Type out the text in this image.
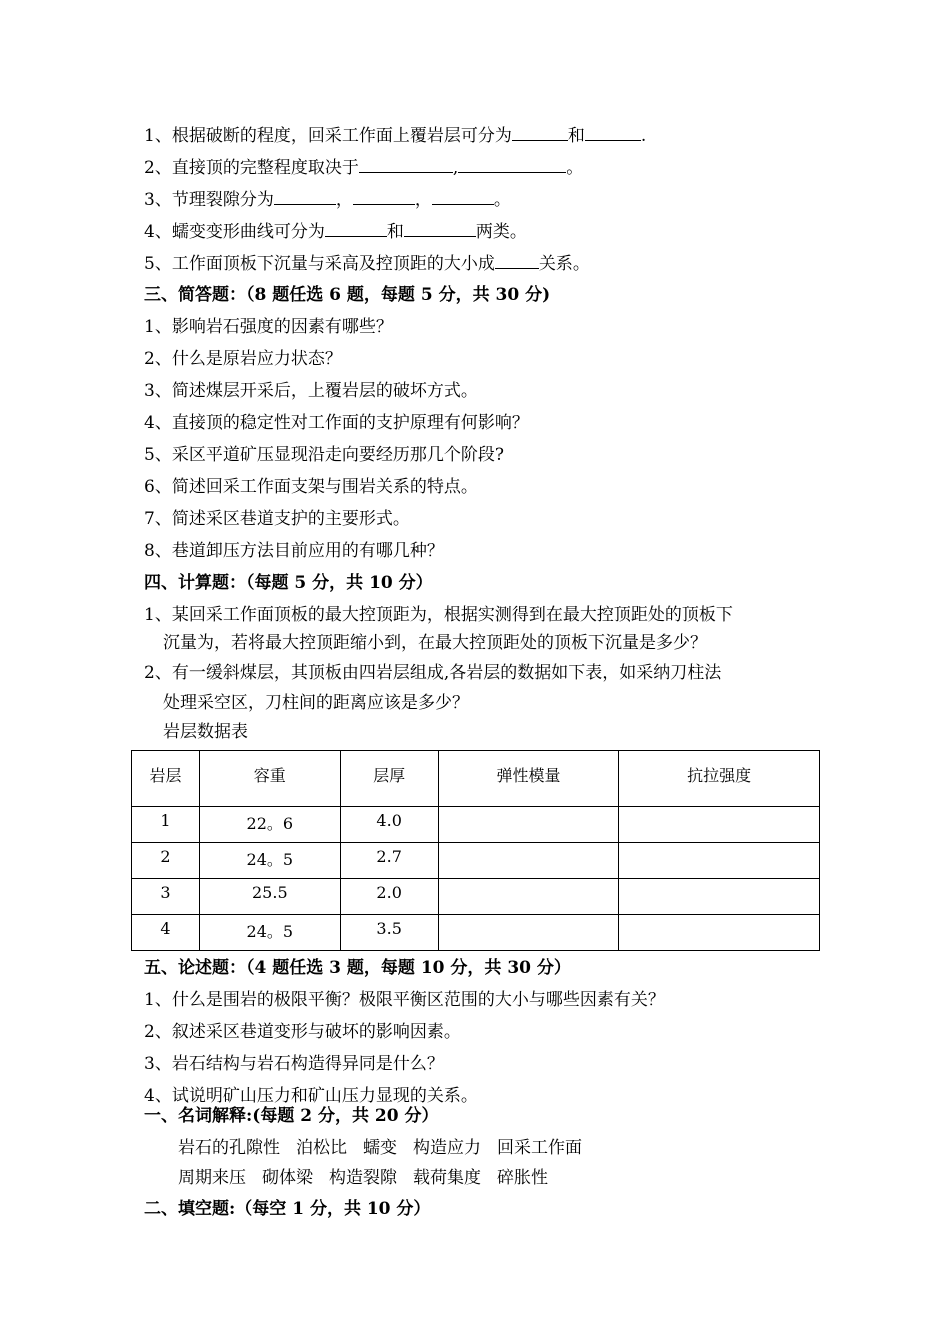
1、根据破断的程度，回采工作面上覆岩层可分为	和	.
2、直接顶的完整程度取决于	,	。
3、节理裂隙分为	，	，	。
4、蠕变变形曲线可分为	和	两类。
5、工作面顶板下沉量与采高及控顶距的大小成	关系。
三、简答题：（8 题任选 6 题，每题 5 分，共 30 分)
1、影响岩石强度的因素有哪些？
2、什么是原岩应力状态？
3、简述煤层开采后，上覆岩层的破坏方式。
4、直接顶的稳定性对工作面的支护原理有何影响？
5、采区平道矿压显现沿走向要经历那几个阶段?
6、简述回采工作面支架与围岩关系的特点。
7、简述采区巷道支护的主要形式。
8、巷道卸压方法目前应用的有哪几种？
四、计算题：（每题 5 分，共 10 分）
1、某回采工作面顶板的最大控顶距为，根据实测得到在最大控顶距处的顶板下
沉量为，若将最大控顶距缩小到，在最大控顶距处的顶板下沉量是多少？
2、有一缓斜煤层，其顶板由四岩层组成,各岩层的数据如下表，如采纳刀柱法
处理采空区，刀柱间的距离应该是多少？
岩层数据表
岩层	容重	层厚	弹性模量	抗拉强度
1	22。6	4.0		
2	24。5	2.7		
3	25.5	2.0		
4	24。5	3.5		
五、论述题：（4 题任选 3 题，每题 10 分，共 30 分）
1、什么是围岩的极限平衡？极限平衡区范围的大小与哪些因素有关？
2、叙述采区巷道变形与破坏的影响因素。
3、岩石结构与岩石构造得异同是什么？
4、试说明矿山压力和矿山压力显现的关系。
一、名词解释:(每题 2 分，共 20 分）
岩石的孔隙性 泊松比 蠕变 构造应力 回采工作面
周期来压 砌体梁 构造裂隙 载荷集度 碎胀性
二、填空题:（每空 1 分，共 10 分）
